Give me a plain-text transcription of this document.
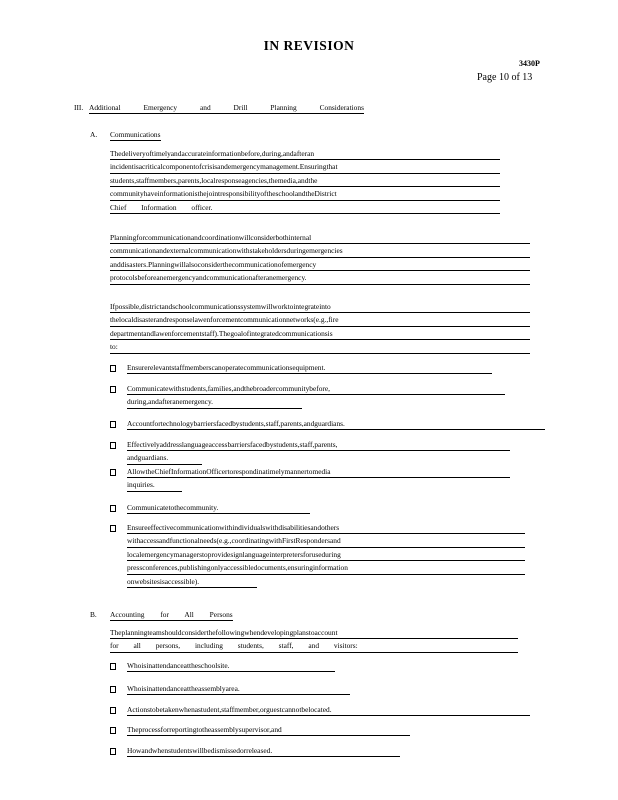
IN REVISION
3430P
Page 10 of 13
III. Additional	Emergency	and	Drill	Planning	Considerations
A. Communications
Thedeliveryoftimelyandaccurateinformationbefore,during,andafteran
incidentisacriticalcomponentofcrisisandemergencymanagement.Ensuringthat
students,staffmembers,parents,localresponseagencies,themedia,andthe
communityhaveinformationisthejointresponsibilityoftheschoolandtheDistrict
Chief Information officer.
Planningforcommunicationandcoordinationwillconsiderbothinternal
communicationandexternalcommunicationwithstakeholdersduringemergencies
anddisasters.Planningwillalsoconsiderthecommunicationofemergency
protocolsbeforeanemergencyandcommunicationafteranemergency.
Ifpossible,districtandschoolcommunicationssystemwillworktointegrateinto
thelocaldisasterandresponselawenforcementcommunicationnetworks(e.g.,fire
departmentandlawenforcementstaff).Thegoalofintegratedcommunicationsis
to:
Ensurerelevantstaffmemberscanoperatecommunicationsequipment.
Communicatewithstudents,families,andthebroadercommunitybefore,
during,andafteranemergency.
Accountfortechnologybarriersfacedbystudents,staff,parents,andguardians.
Effectivelyaddresslanguageaccessbarriersfacedbystudents,staff,parents,
andguardians.
AllowtheChiefInformationOfficertorespondinatimelymannertomedia
inquiries.
Communicatetothecommunity.
Ensureeffectivecommunicationwithindividualswithdisabilitiesandothers
withaccessandfunctionalneeds(e.g.,coordinatingwithFirstRespondersand
localemergencymanagerstoprovidesignlanguageinterpretersforuseduring
pressconferences,publishingonlyaccessibledocuments,ensuringinformation
onwebsitesisaccessible).
B. Accounting for All Persons
Theplanningteamshouldconsiderthefollowingwhendevelopingplanstoaccount
for all persons, including students, staff, and visitors:
Whoisinattendanceattheschoolsite.
Whoisinattendanceattheassemblyarea.
Actionstobetakenwhenastudent,staffmember,orguestcannotbelocated.
Theprocessforreportingtotheassemblysupervisor,and
Howandwhenstudentswillbedismissedorreleased.
